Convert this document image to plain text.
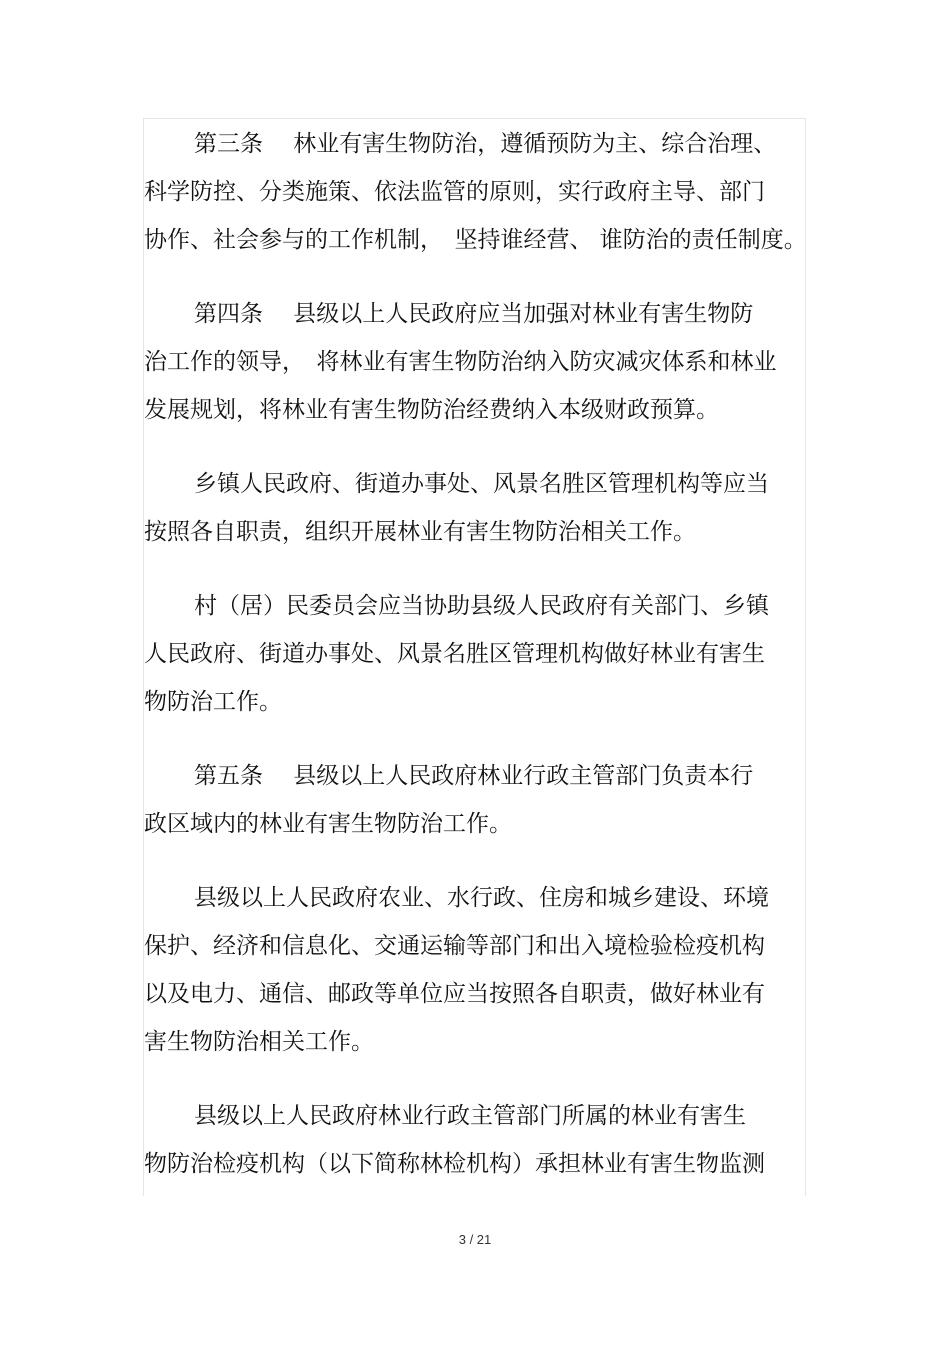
第三条　 林业有害生物防治，遵循预防为主、综合治理、
科学防控、分类施策、依法监管的原则，实行政府主导、部门
协作、社会参与的工作机制，　坚持谁经营、 谁防治的责任制度。
第四条　 县级以上人民政府应当加强对林业有害生物防
治工作的领导，　将林业有害生物防治纳入防灾减灾体系和林业
发展规划，将林业有害生物防治经费纳入本级财政预算。
乡镇人民政府、街道办事处、风景名胜区管理机构等应当
按照各自职责，组织开展林业有害生物防治相关工作。
村（居）民委员会应当协助县级人民政府有关部门、乡镇
人民政府、街道办事处、风景名胜区管理机构做好林业有害生
物防治工作。
第五条　 县级以上人民政府林业行政主管部门负责本行
政区域内的林业有害生物防治工作。
县级以上人民政府农业、水行政、住房和城乡建设、环境
保护、经济和信息化、交通运输等部门和出入境检验检疫机构
以及电力、通信、邮政等单位应当按照各自职责，做好林业有
害生物防治相关工作。
县级以上人民政府林业行政主管部门所属的林业有害生
物防治检疫机构（以下简称林检机构）承担林业有害生物监测
3 / 21
